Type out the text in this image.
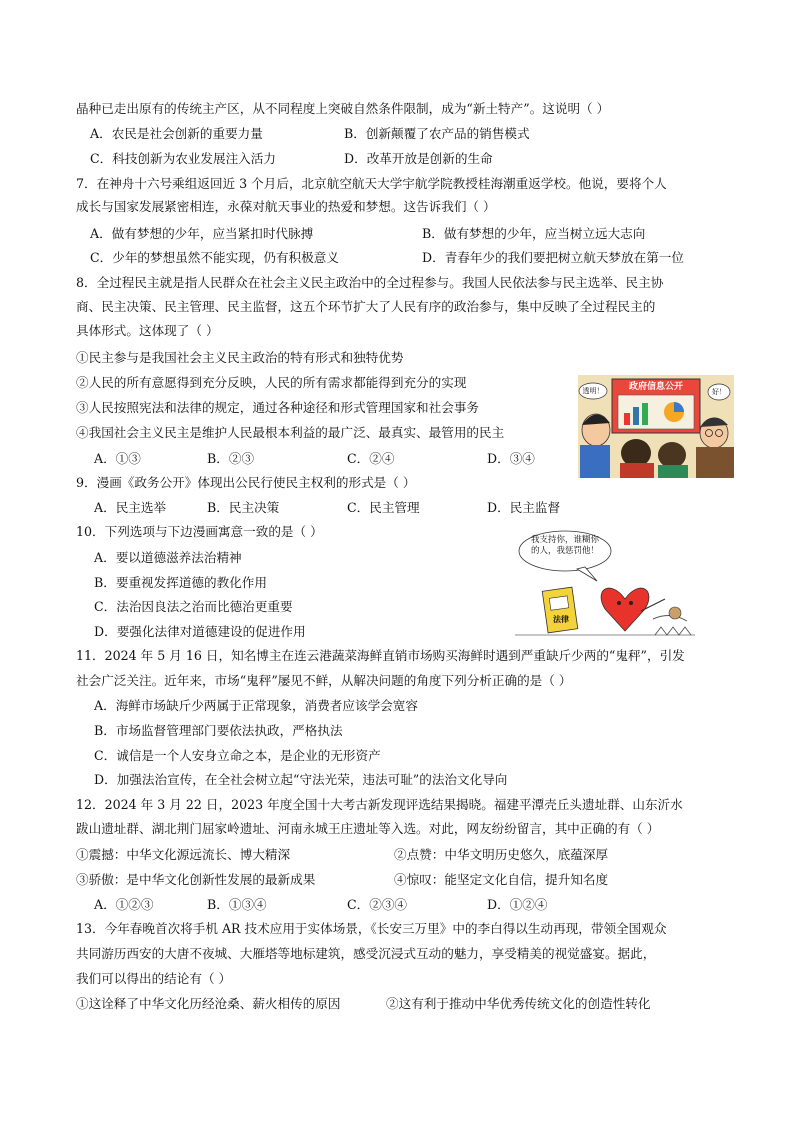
晶种已走出原有的传统主产区，从不同程度上突破自然条件限制，成为“新土特产”。这说明（ ）
A．农民是社会创新的重要力量	B．创新颠覆了农产品的销售模式
C．科技创新为农业发展注入活力	D．改革开放是创新的生命
7．在神舟十六号乘组返回近 3 个月后，北京航空航天大学宇航学院教授桂海潮重返学校。他说，要将个人
成长与国家发展紧密相连，永葆对航天事业的热爱和梦想。这告诉我们（ ）
A．做有梦想的少年，应当紧扣时代脉搏	B．做有梦想的少年，应当树立远大志向
C．少年的梦想虽然不能实现，仍有积极意义	D．青春年少的我们要把树立航天梦放在第一位
8．全过程民主就是指人民群众在社会主义民主政治中的全过程参与。我国人民依法参与民主选举、民主协
商、民主决策、民主管理、民主监督，这五个环节扩大了人民有序的政治参与，集中反映了全过程民主的
具体形式。这体现了（ ）
①民主参与是我国社会主义民主政治的特有形式和独特优势
②人民的所有意愿得到充分反映，人民的所有需求都能得到充分的实现
③人民按照宪法和法律的规定，通过各种途径和形式管理国家和社会事务
④我国社会主义民主是维护人民最根本利益的最广泛、最真实、最管用的民主
A．①③	B．②③	C．②④	D．③④
政府信息公开
透明！	好！
9．漫画《政务公开》体现出公民行使民主权利的形式是（ ）
A．民主选举	B．民主决策	C．民主管理	D．民主监督
10．下列选项与下边漫画寓意一致的是（ ）
A．要以道德滋养法治精神
B．要重视发挥道德的教化作用
C．法治因良法之治而比德治更重要
D．要强化法律对道德建设的促进作用
我支持你，谁糊你的人，我惩罚他！
法律
11．2024 年 5 月 16 日，知名博主在连云港蔬菜海鲜直销市场购买海鲜时遇到严重缺斤少两的“鬼秤”，引发
社会广泛关注。近年来，市场“鬼秤”屡见不鲜，从解决问题的角度下列分析正确的是（ ）
A．海鲜市场缺斤少两属于正常现象，消费者应该学会宽容
B．市场监督管理部门要依法执政，严格执法
C．诚信是一个人安身立命之本，是企业的无形资产
D．加强法治宣传，在全社会树立起“守法光荣，违法可耻”的法治文化导向
12．2024 年 3 月 22 日，2023 年度全国十大考古新发现评选结果揭晓。福建平潭壳丘头遗址群、山东沂水
跋山遗址群、湖北荆门屈家岭遗址、河南永城王庄遗址等入选。对此，网友纷纷留言，其中正确的有（ ）
①震撼：中华文化源远流长、博大精深	②点赞：中华文明历史悠久，底蕴深厚
③骄傲：是中华文化创新性发展的最新成果	④惊叹：能坚定文化自信，提升知名度
A．①②③	B．①③④	C．②③④	D．①②④
13．今年春晚首次将手机 AR 技术应用于实体场景，《长安三万里》中的李白得以生动再现，带领全国观众
共同游历西安的大唐不夜城、大雁塔等地标建筑，感受沉浸式互动的魅力，享受精美的视觉盛宴。据此，
我们可以得出的结论有（ ）
①这诠释了中华文化历经沧桑、薪火相传的原因	②这有利于推动中华优秀传统文化的创造性转化
